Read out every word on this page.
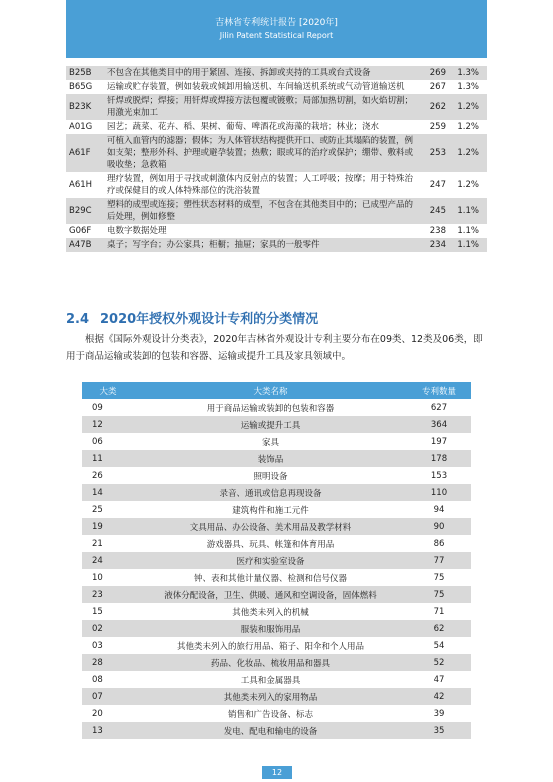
吉林省专利统计报告 [2020年]
Jilin Patent Statistical Report
B25B	不包含在其他类目中的用于紧固、连接、拆卸或夹持的工具或台式设备	269	1.3%
B65G	运输或贮存装置，例如装载或倾卸用输送机、车间输送机系统或气动管道输送机	267	1.3%
B23K	钎焊或脱焊；焊接；用钎焊或焊接方法包覆或镀敷；局部加热切割，如火焰切割；用激光束加工	262	1.2%
A01G	园艺；蔬菜、花卉、稻、果树、葡萄、啤酒花或海藻的栽培；林业；浇水	259	1.2%
A61F	可植入血管内的滤器；假体；为人体管状结构提供开口、或防止其塌陷的装置，例如支架；整形外科、护理或避孕装置；热敷；眼或耳的治疗或保护；绷带、敷料或吸收垫；急救箱	253	1.2%
A61H	理疗装置，例如用于寻找或刺激体内反射点的装置；人工呼吸；按摩；用于特殊治疗或保健目的或人体特殊部位的洗浴装置	247	1.2%
B29C	塑料的成型或连接；塑性状态材料的成型，不包含在其他类目中的；已成型产品的后处理，例如修整	245	1.1%
G06F	电数字数据处理	238	1.1%
A47B	桌子；写字台；办公家具；柜橱；抽屉；家具的一般零件	234	1.1%
2.4 2020年授权外观设计专利的分类情况

根据《国际外观设计分类表》，2020年吉林省外观设计专利主要分布在09类、12类及06类，即用于商品运输或装卸的包装和容器、运输或提升工具及家具领域中。

大类	大类名称	专利数量
09	用于商品运输或装卸的包装和容器	627
12	运输或提升工具	364
06	家具	197
11	装饰品	178
26	照明设备	153
14	录音、通讯或信息再现设备	110
25	建筑构件和施工元件	94
19	文具用品、办公设备、美术用品及教学材料	90
21	游戏器具、玩具、帐篷和体育用品	86
24	医疗和实验室设备	77
10	钟、表和其他计量仪器、检测和信号仪器	75
23	液体分配设备，卫生、供暖、通风和空调设备，固体燃料	75
15	其他类未列入的机械	71
02	服装和服饰用品	62
03	其他类未列入的旅行用品、箱子、阳伞和个人用品	54
28	药品、化妆品、梳妆用品和器具	52
08	工具和金属器具	47
07	其他类未列入的家用物品	42
20	销售和广告设备、标志	39
13	发电、配电和输电的设备	35
12
